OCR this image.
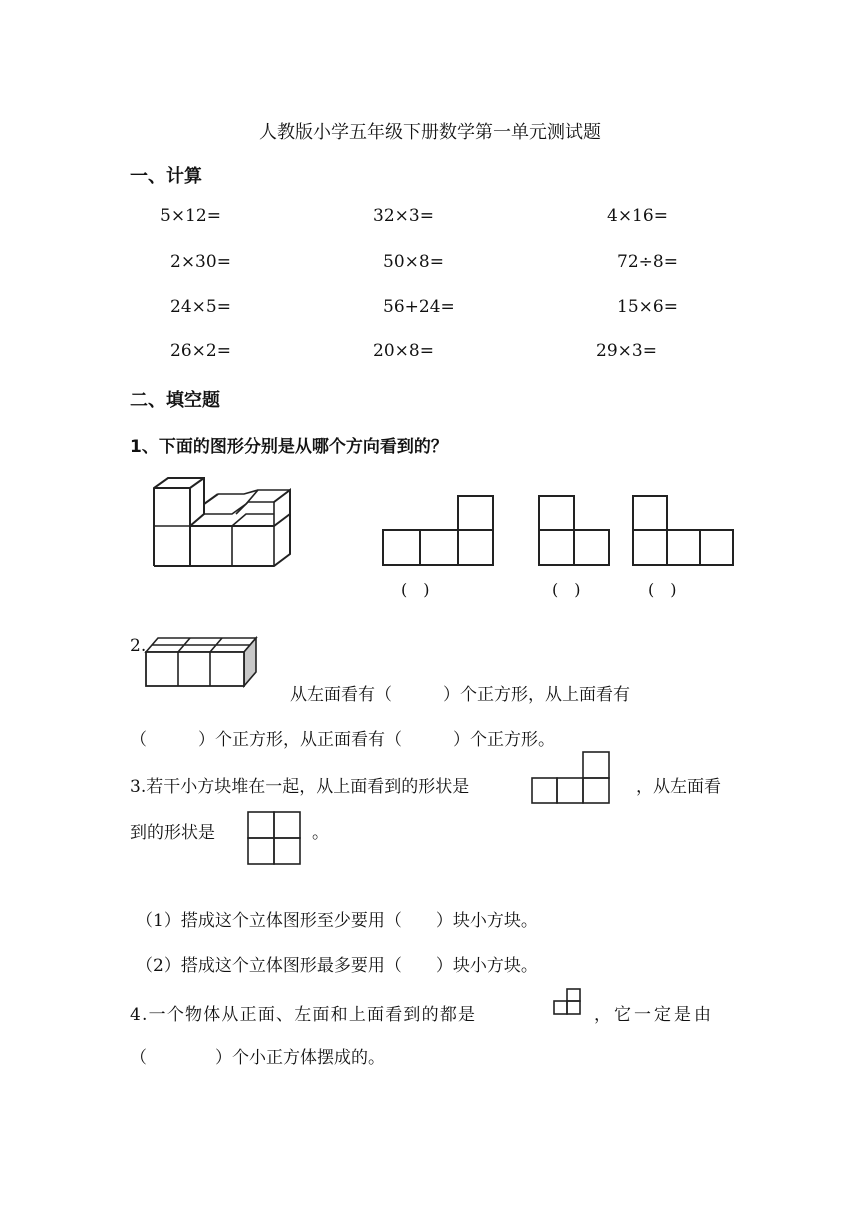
人教版小学五年级下册数学第一单元测试题
一、计算
5×12=	32×3=	4×16=
2×30=	50×8=	72÷8=
24×5=	56+24=	15×6=
26×2=	20×8=	29×3=
二、填空题
1、下面的图形分别是从哪个方向看到的？
(　)	(　)	(　)
2.
从左面看有（　　　）个正方形，从上面看有
（　　　）个正方形，从正面看有（　　　）个正方形。
3.若干小方块堆在一起，从上面看到的形状是	，从左面看
到的形状是	。
（1）搭成这个立体图形至少要用（　　）块小方块。
（2）搭成这个立体图形最多要用（　　）块小方块。
4.一个物体从正面、左面和上面看到的都是	，它一定是由
（　　　　）个小正方体摆成的。
